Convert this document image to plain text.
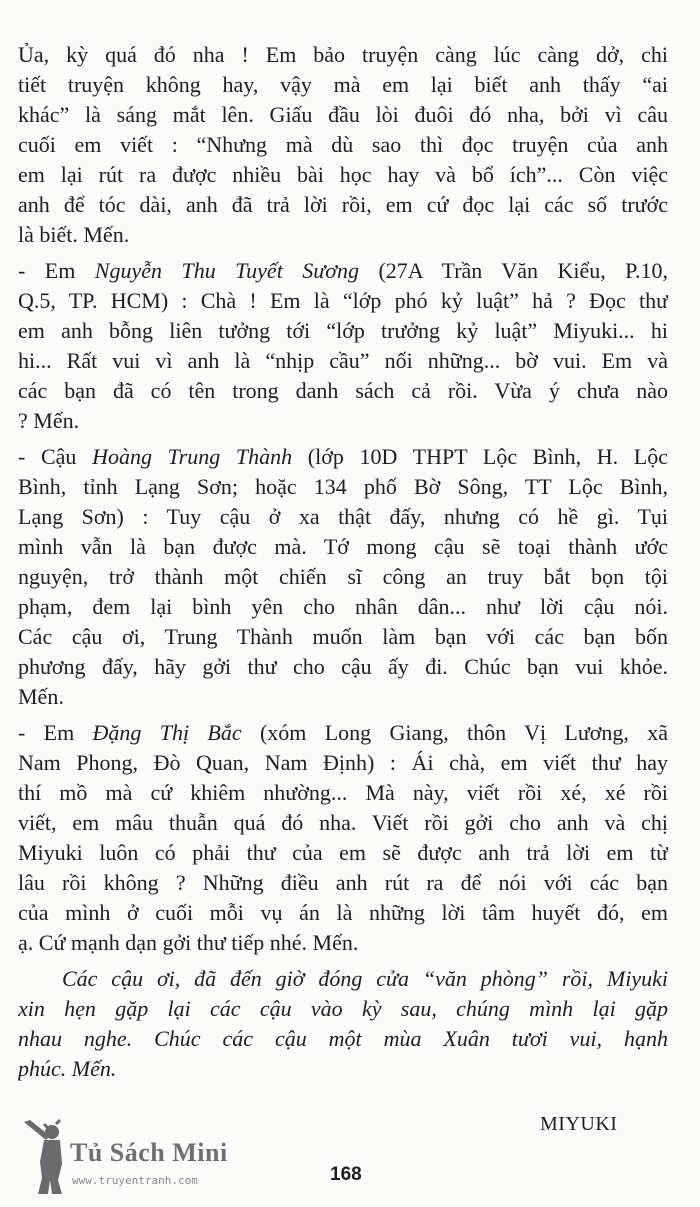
Ủa, kỳ quá đó nha ! Em bảo truyện càng lúc càng dở, chi
tiết truyện không hay, vậy mà em lại biết anh thấy “ai
khác” là sáng mắt lên. Giấu đầu lòi đuôi đó nha, bởi vì câu
cuối em viết : “Nhưng mà dù sao thì đọc truyện của anh
em lại rút ra được nhiều bài học hay và bổ ích”... Còn việc
anh để tóc dài, anh đã trả lời rồi, em cứ đọc lại các số trước
là biết. Mến.
- Em Nguyễn Thu Tuyết Sương (27A Trần Văn Kiểu, P.10,
Q.5, TP. HCM) : Chà ! Em là “lớp phó kỷ luật” hả ? Đọc thư
em anh bỗng liên tưởng tới “lớp trưởng kỷ luật” Miyuki... hi
hi... Rất vui vì anh là “nhịp cầu” nối những... bờ vui. Em và
các bạn đã có tên trong danh sách cả rồi. Vừa ý chưa nào
? Mến.
- Cậu Hoàng Trung Thành (lớp 10D THPT Lộc Bình, H. Lộc
Bình, tỉnh Lạng Sơn; hoặc 134 phố Bờ Sông, TT Lộc Bình,
Lạng Sơn) : Tuy cậu ở xa thật đấy, nhưng có hề gì. Tụi
mình vẫn là bạn được mà. Tớ mong cậu sẽ toại thành ước
nguyện, trở thành một chiến sĩ công an truy bắt bọn tội
phạm, đem lại bình yên cho nhân dân... như lời cậu nói.
Các cậu ơi, Trung Thành muốn làm bạn với các bạn bốn
phương đấy, hãy gởi thư cho cậu ấy đi. Chúc bạn vui khỏe.
Mến.
- Em Đặng Thị Bắc (xóm Long Giang, thôn Vị Lương, xã
Nam Phong, Đò Quan, Nam Định) : Ái chà, em viết thư hay
thí mồ mà cứ khiêm nhường... Mà này, viết rồi xé, xé rồi
viết, em mâu thuẫn quá đó nha. Viết rồi gởi cho anh và chị
Miyuki luôn có phải thư của em sẽ được anh trả lời em từ
lâu rồi không ? Những điều anh rút ra để nói với các bạn
của mình ở cuối mỗi vụ án là những lời tâm huyết đó, em
ạ. Cứ mạnh dạn gởi thư tiếp nhé. Mến.
Các cậu ơi, đã đến giờ đóng cửa “văn phòng” rồi, Miyuki
xin hẹn gặp lại các cậu vào kỳ sau, chúng mình lại gặp
nhau nghe. Chúc các cậu một mùa Xuân tươi vui, hạnh
phúc. Mến.
MIYUKI
168
Tủ Sách Mini
www.truyentranh.com
